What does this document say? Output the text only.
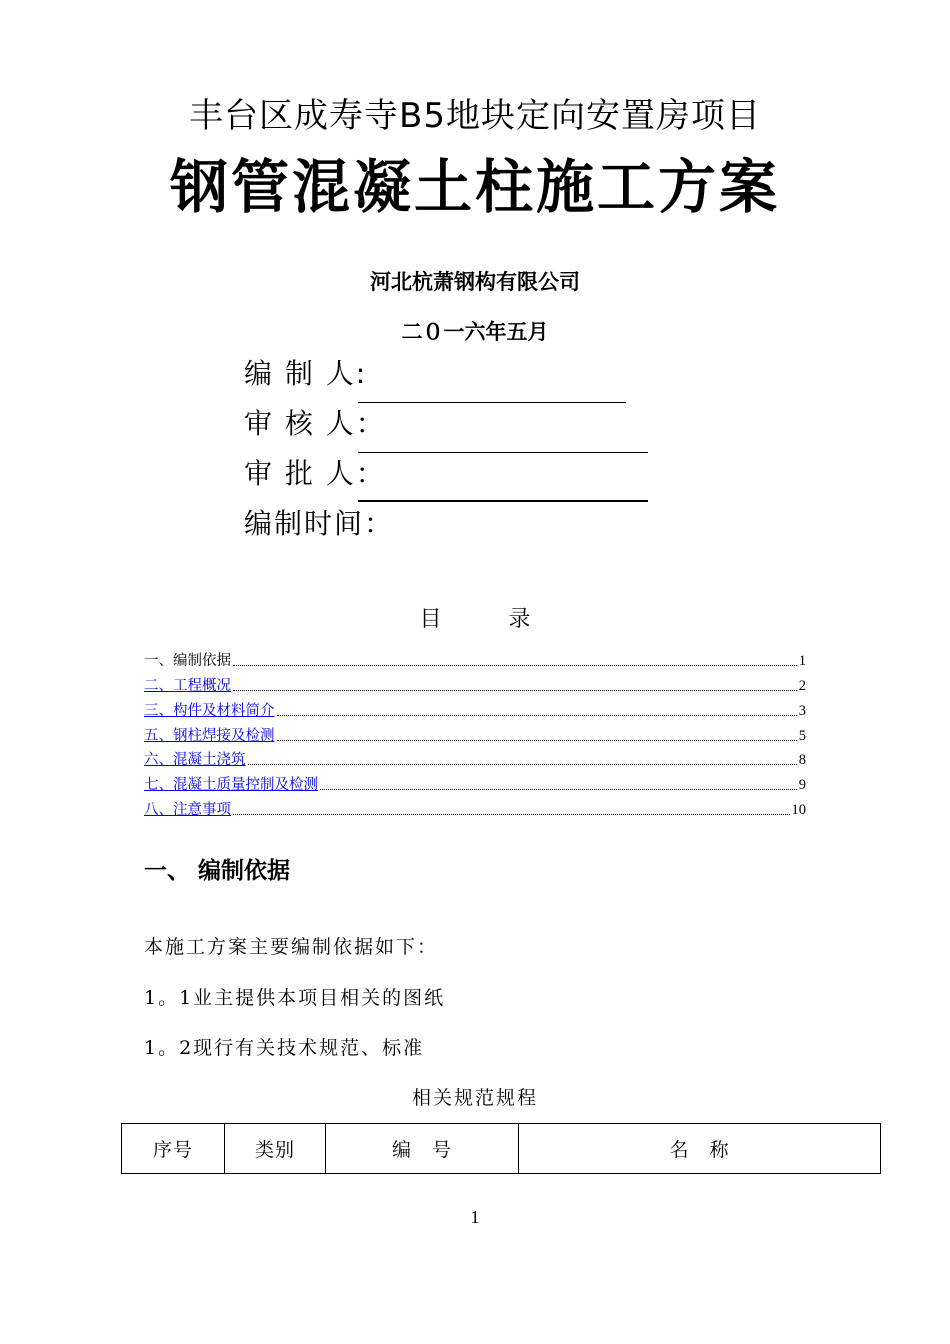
丰台区成寿寺B5地块定向安置房项目
钢管混凝土柱施工方案
河北杭萧钢构有限公司
二０一六年五月
编 制 人:
审 核 人：
审 批 人：
编制时间：
目 录
一、编制依据	1
二、工程概况	2
三、构件及材料简介	3
五、钢柱焊接及检测	5
六、混凝土浇筑	8
七、混凝土质量控制及检测	9
八、注意事项	10
一、 编制依据
本施工方案主要编制依据如下：
1。1业主提供本项目相关的图纸
1。2现行有关技术规范、标准
相关规范规程
序号	类别	编　号	名　称
1
